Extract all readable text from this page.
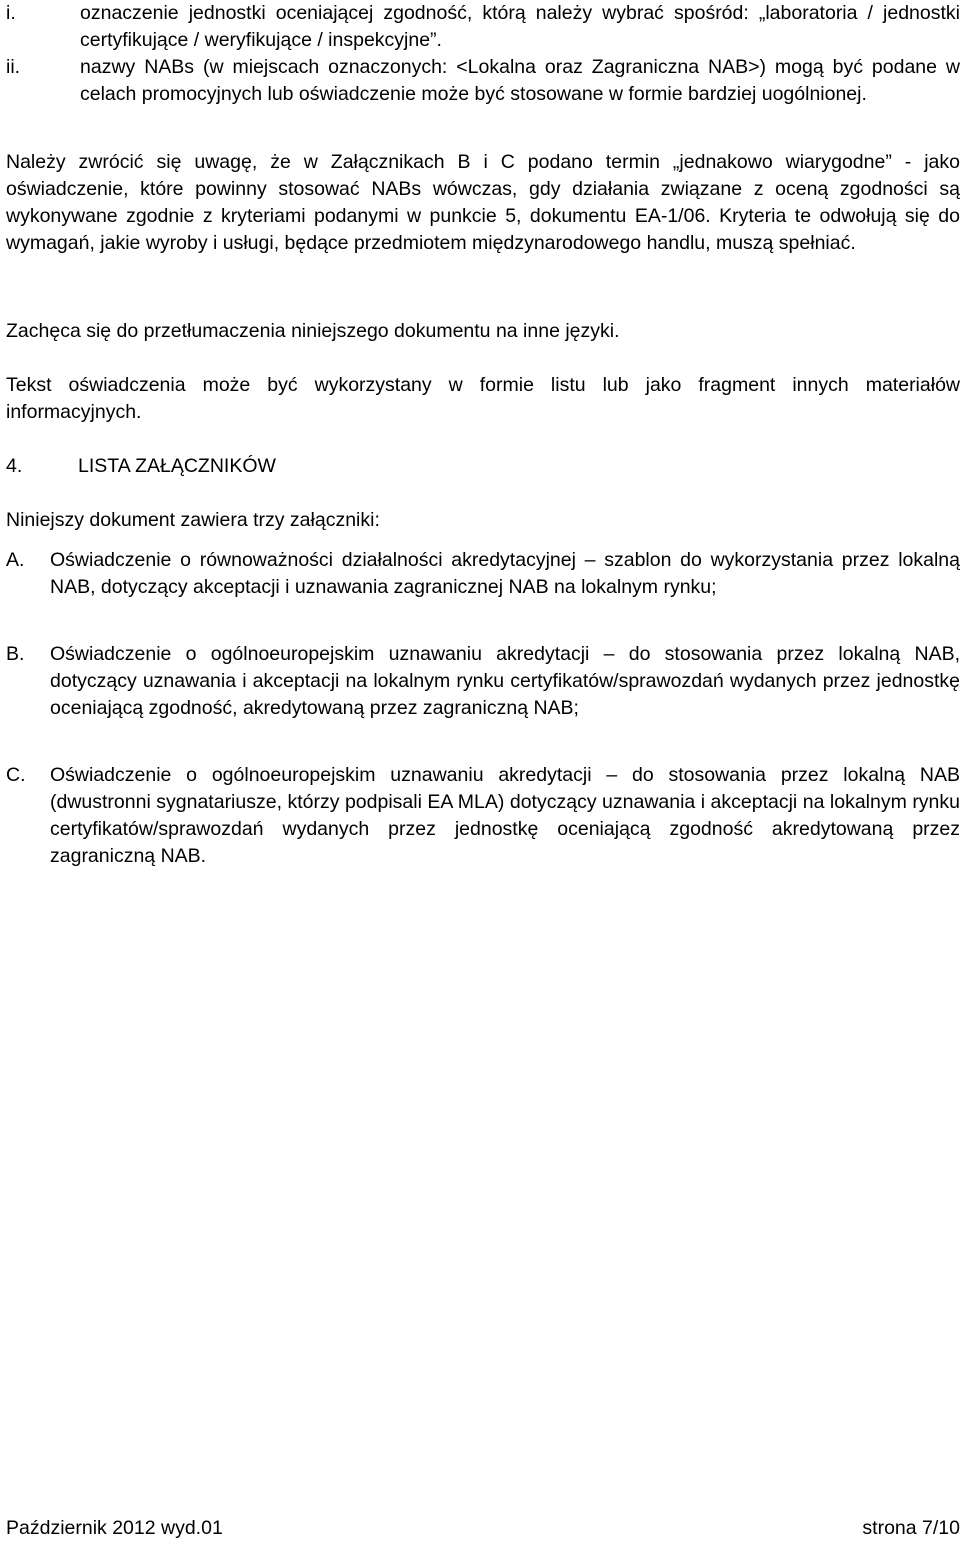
i.	oznaczenie jednostki oceniającej zgodność, którą należy wybrać spośród: „laboratoria / jednostki certyfikujące / weryfikujące / inspekcyjne”.
ii.	nazwy NABs (w miejscach oznaczonych: <Lokalna oraz Zagraniczna NAB>) mogą być podane w celach promocyjnych lub oświadczenie może być stosowane w formie bardziej uogólnionej.

Należy zwrócić się uwagę, że w Załącznikach B i C podano termin „jednakowo wiarygodne” - jako oświadczenie, które powinny stosować NABs wówczas, gdy działania związane z oceną zgodności są wykonywane zgodnie z kryteriami podanymi w punkcie 5, dokumentu EA-1/06. Kryteria te odwołują się do wymagań, jakie wyroby i usługi, będące przedmiotem międzynarodowego handlu, muszą spełniać.

Zachęca się do przetłumaczenia niniejszego dokumentu na inne języki.

Tekst oświadczenia może być wykorzystany w formie listu lub jako fragment innych materiałów informacyjnych.

4.	LISTA ZAŁĄCZNIKÓW

Niniejszy dokument zawiera trzy załączniki:

A.	Oświadczenie o równoważności działalności akredytacyjnej – szablon do wykorzystania przez lokalną NAB, dotyczący akceptacji i uznawania zagranicznej NAB na lokalnym rynku;
B.	Oświadczenie o ogólnoeuropejskim uznawaniu akredytacji – do stosowania przez lokalną NAB, dotyczący uznawania i akceptacji na lokalnym rynku certyfikatów/sprawozdań wydanych przez jednostkę oceniającą zgodność, akredytowaną przez zagraniczną NAB;
C.	Oświadczenie o ogólnoeuropejskim uznawaniu akredytacji – do stosowania przez lokalną NAB (dwustronni sygnatariusze, którzy podpisali EA MLA) dotyczący uznawania i akceptacji na lokalnym rynku certyfikatów/sprawozdań wydanych przez jednostkę oceniającą zgodność akredytowaną przez zagraniczną NAB.
Październik 2012 wyd.01	strona 7/10
